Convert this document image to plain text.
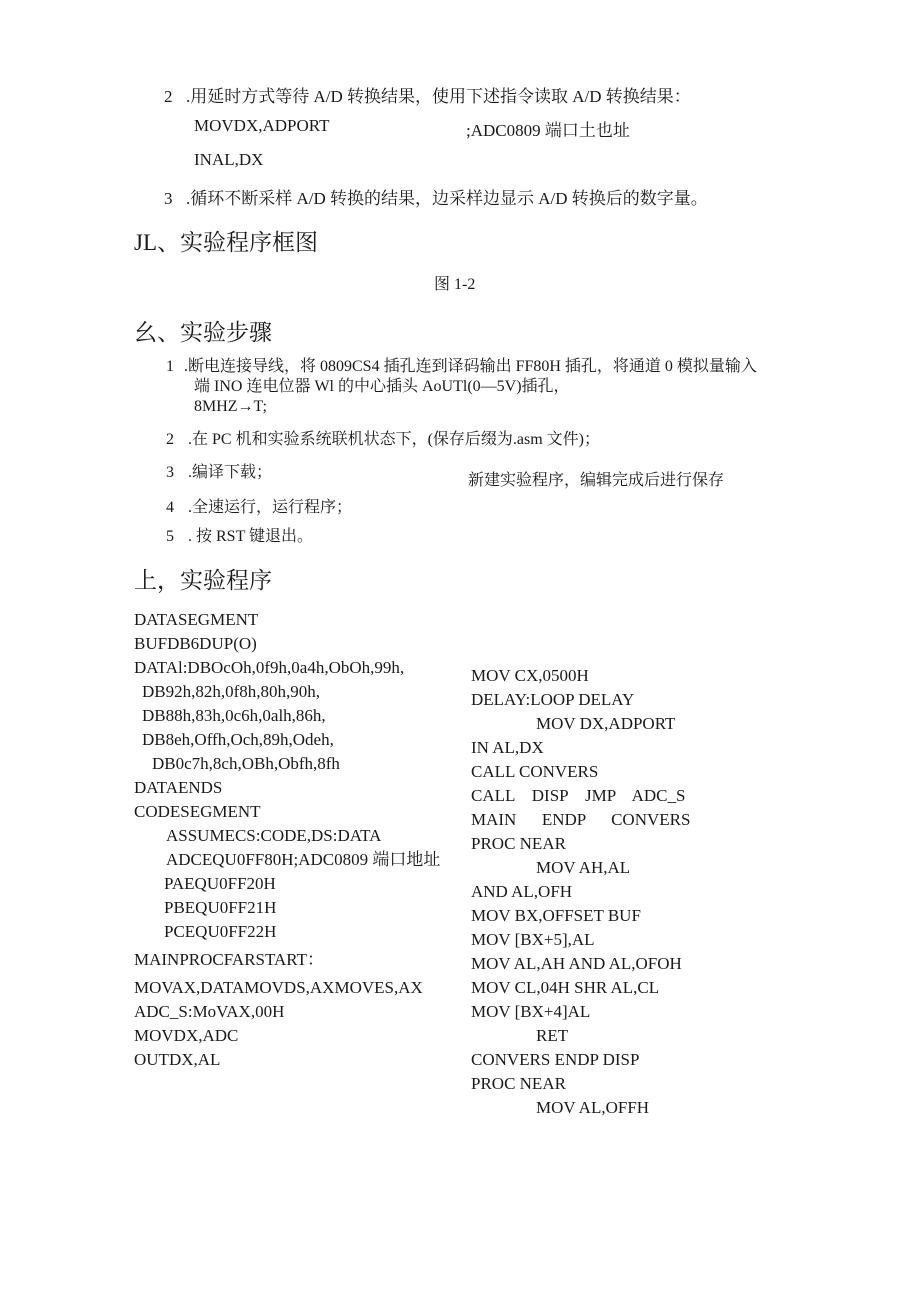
2 .用延时方式等待 A/D 转换结果，使用下述指令读取 A/D 转换结果：
MOVDX,ADPORT	;ADC0809 端口土也址
INAL,DX
3 .循环不断采样 A/D 转换的结果，边采样边显示 A/D 转换后的数字量。
JL、实验程序框图
图 1-2
幺、实验步骤
1 .断电连接导线，将 0809CS4 插孔连到译码输出 FF80H 插孔，将通道 0 模拟量输入
端 INO 连电位器 Wl 的中心插头 AoUTl(0—5V)插孔，
8MHZ→T;
2 .在 PC 机和实验系统联机状态下，(保存后缀为.asm 文件)；
3 .编译下载；	新建实验程序，编辑完成后进行保存
4 .全速运行，运行程序；
5 . 按 RST 键退出。
上，实验程序
DATASEGMENT
BUFDB6DUP(O)
DATAl:DBOcOh,0f9h,0a4h,ObOh,99h,
DB92h,82h,0f8h,80h,90h,
DB88h,83h,0c6h,0alh,86h,
DB8eh,Offh,Och,89h,Odeh,
DB0c7h,8ch,OBh,Obfh,8fh
DATAENDS
CODESEGMENT
ASSUMECS:CODE,DS:DATA
ADCEQU0FF80H;ADC0809 端口地址
PAEQU0FF20H
PBEQU0FF21H
PCEQU0FF22H
MAINPROCFARSTART：
MOVAX,DATAMOVDS,AXMOVES,AX
ADC_S:MoVAX,00H
MOVDX,ADC
OUTDX,AL
MOV CX,0500H
DELAY:LOOP DELAY
MOV DX,ADPORT
IN AL,DX
CALL CONVERS
CALL    DISP    JMP    ADC_S
MAIN      ENDP      CONVERS
PROC NEAR
MOV AH,AL
AND AL,OFH
MOV BX,OFFSET BUF
MOV [BX+5],AL
MOV AL,AH AND AL,OFOH
MOV CL,04H SHR AL,CL
MOV [BX+4]AL
RET
CONVERS ENDP DISP
PROC NEAR
MOV AL,OFFH
